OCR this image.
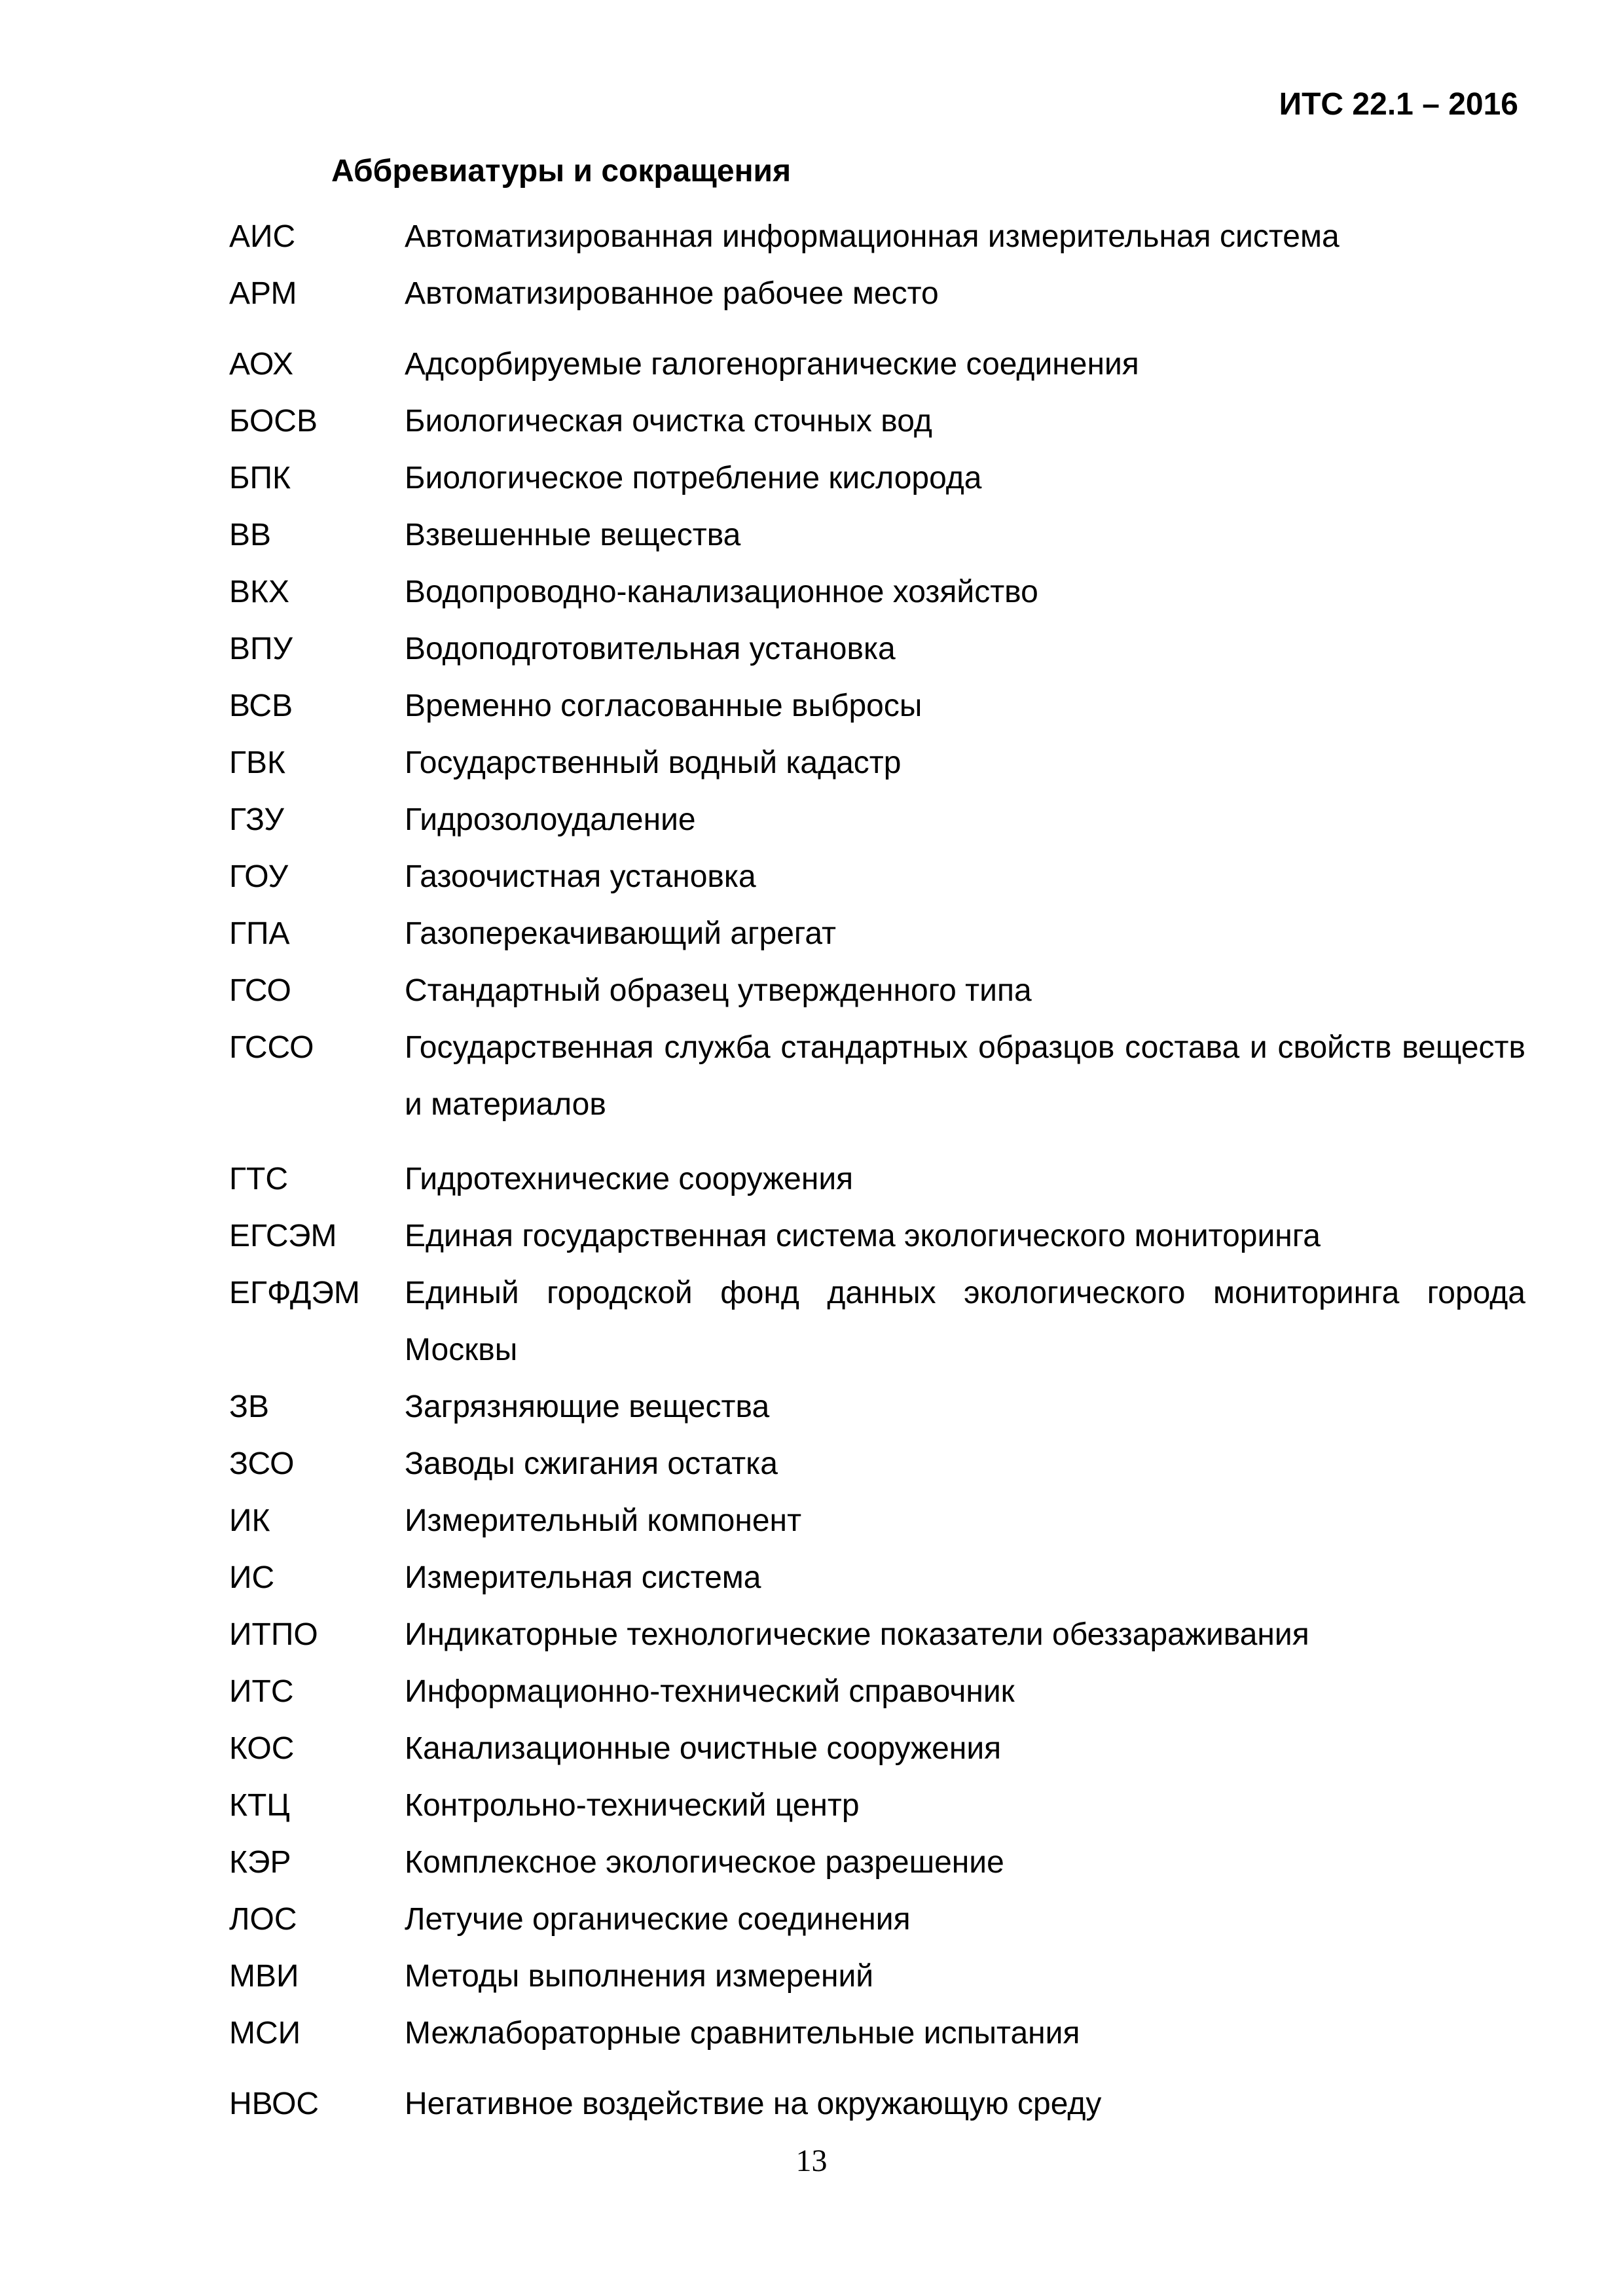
ИТС 22.1 – 2016
Аббревиатуры и сокращения
АИС	Автоматизированная информационная измерительная система
АРМ	Автоматизированное рабочее место
АОХ	Адсорбируемые галогенорганические соединения
БОСВ	Биологическая очистка сточных вод
БПК	Биологическое потребление кислорода
ВВ	Взвешенные вещества
ВКХ	Водопроводно-канализационное хозяйство
ВПУ	Водоподготовительная установка
ВСВ	Временно согласованные выбросы
ГВК	Государственный водный кадастр
ГЗУ	Гидрозолоудаление
ГОУ	Газоочистная установка
ГПА	Газоперекачивающий агрегат
ГСО	Стандартный образец утвержденного типа
ГССО	Государственная служба стандартных образцов состава и свойств веществ и материалов
ГТС	Гидротехнические сооружения
ЕГСЭМ	Единая государственная система экологического мониторинга
ЕГФДЭМ	Единый городской фонд данных экологического мониторинга города Москвы
ЗВ	Загрязняющие вещества
ЗСО	Заводы сжигания остатка
ИК	Измерительный компонент
ИС	Измерительная система
ИТПО	Индикаторные технологические показатели обеззараживания
ИТС	Информационно-технический справочник
КОС	Канализационные очистные сооружения
КТЦ	Контрольно-технический центр
КЭР	Комплексное экологическое разрешение
ЛОС	Летучие органические соединения
МВИ	Методы выполнения измерений
МСИ	Межлабораторные сравнительные испытания
НВОС	Негативное воздействие на окружающую среду
13
